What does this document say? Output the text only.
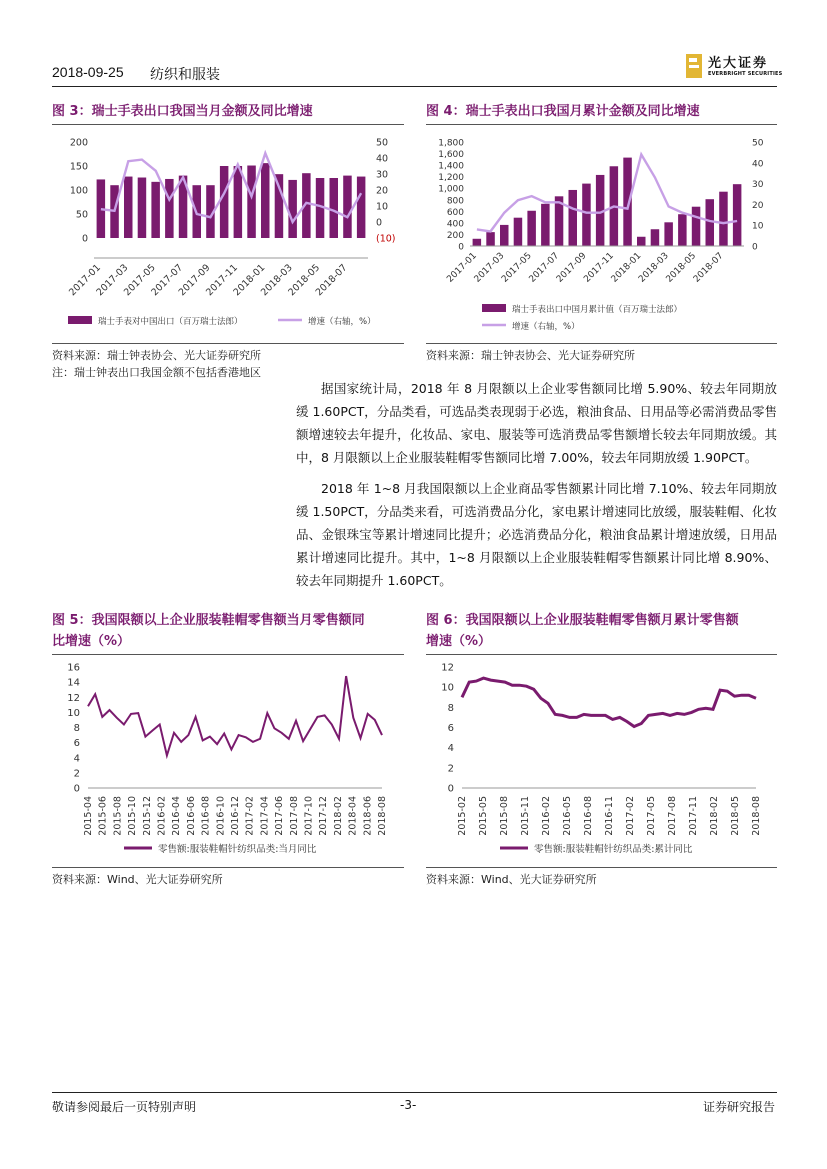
2018-09-25 纺织和服装
光大证券
EVERBRIGHT SECURITIES
图 3：瑞士手表出口我国当月金额及同比增速
0
50
100
150
200
(10)
0
10
20
30
40
50
2017-01
2017-03
2017-05
2017-07
2017-09
2017-11
2018-01
2018-03
2018-05
2018-07
瑞士手表对中国出口（百万瑞士法郎）	增速（右轴，%）
资料来源：瑞士钟表协会、光大证券研究所
注：瑞士钟表出口我国金额不包括香港地区
图 4：瑞士手表出口我国月累计金额及同比增速
0
200
400
600
800
1,000
1,200
1,400
1,600
1,800
0
10
20
30
40
50
2017-01
2017-03
2017-05
2017-07
2017-09
2017-11
2018-01
2018-03
2018-05
2018-07
瑞士手表出口中国月累计值（百万瑞士法郎）
增速（右轴，%）
资料来源：瑞士钟表协会、光大证券研究所

据国家统计局，2018 年 8 月限额以上企业零售额同比增 5.90%、较去年同期放缓 1.60PCT，分品类看，可选品类表现弱于必选，粮油食品、日用品等必需消费品零售额增速较去年提升，化妆品、家电、服装等可选消费品零售额增长较去年同期放缓。其中，8 月限额以上企业服装鞋帽零售额同比增 7.00%，较去年同期放缓 1.90PCT。

2018 年 1~8 月我国限额以上企业商品零售额累计同比增 7.10%、较去年同期放缓 1.50PCT，分品类来看，可选消费品分化，家电累计增速同比放缓，服装鞋帽、化妆品、金银珠宝等累计增速同比提升；必选消费品分化，粮油食品累计增速放缓，日用品累计增速同比提升。其中，1~8 月限额以上企业服装鞋帽零售额累计同比增 8.90%、较去年同期提升 1.60PCT。

图 5：我国限额以上企业服装鞋帽零售额当月零售额同
比增速（%）
0
2
4
6
8
10
12
14
16
2015-04 2015-06 2015-08 2015-10 2015-12 2016-02 2016-04 2016-06 2016-08 2016-10 2016-12 2017-02 2017-04 2017-06 2017-08 2017-10 2017-12 2018-02 2018-04 2018-06 2018-08
零售额:服装鞋帽针纺织品类:当月同比
资料来源：Wind、光大证券研究所
图 6：我国限额以上企业服装鞋帽零售额月累计零售额
增速（%）
0
2
4
6
8
10
12
2015-02 2015-05 2015-08 2015-11 2016-02 2016-05 2016-08 2016-11 2017-02 2017-05 2017-08 2017-11 2018-02 2018-05 2018-08
零售额:服装鞋帽针纺织品类:累计同比
资料来源：Wind、光大证券研究所
敬请参阅最后一页特别声明	-3-	证券研究报告
